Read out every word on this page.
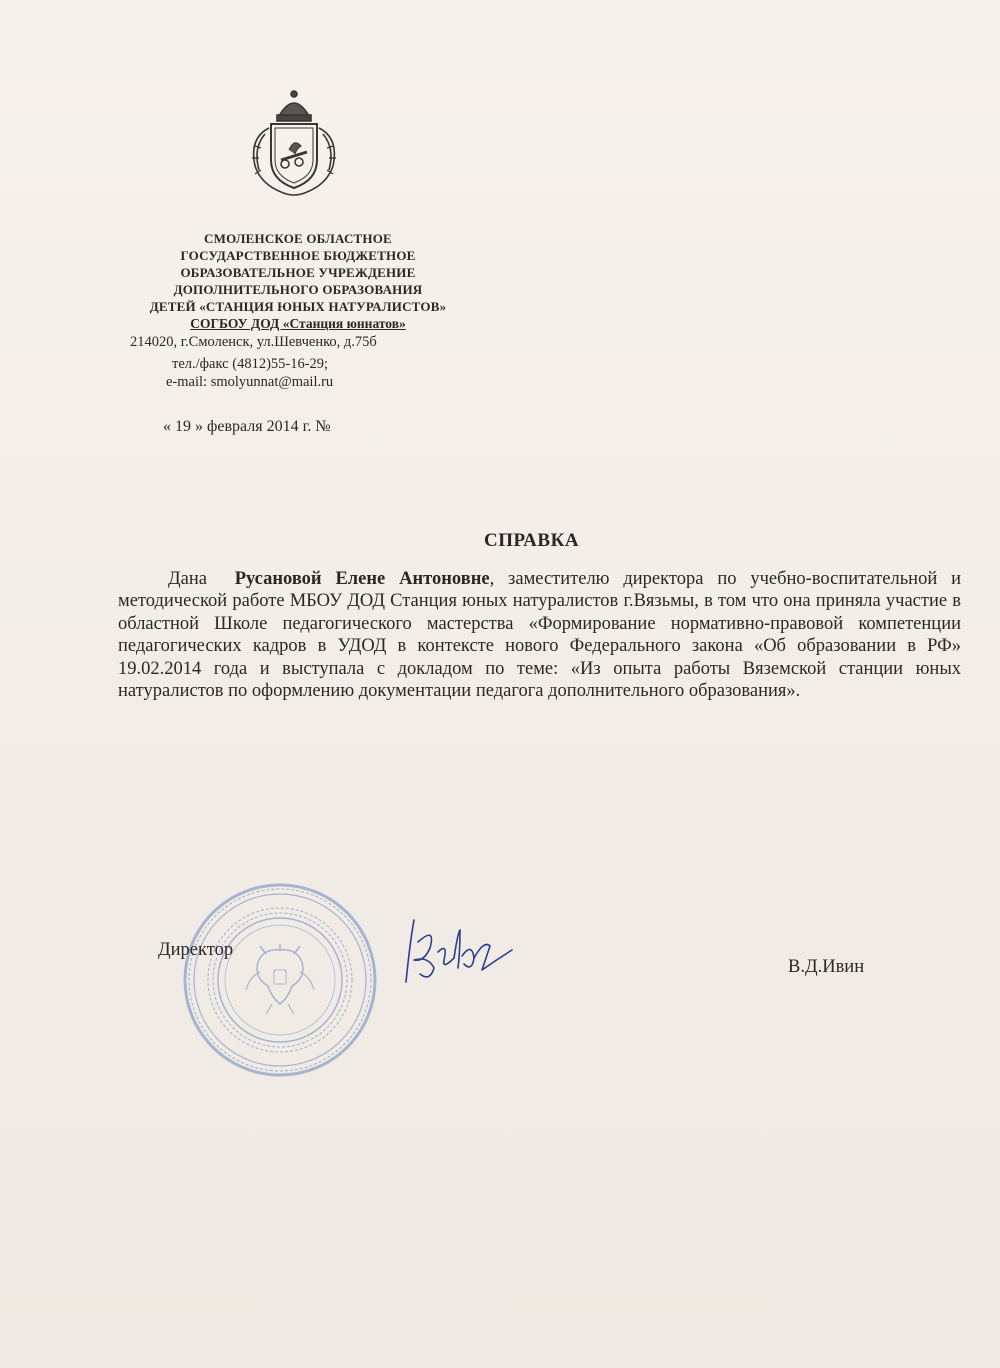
СМОЛЕНСКОЕ ОБЛАСТНОЕ
ГОСУДАРСТВЕННОЕ БЮДЖЕТНОЕ
ОБРАЗОВАТЕЛЬНОЕ УЧРЕЖДЕНИЕ
ДОПОЛНИТЕЛЬНОГО ОБРАЗОВАНИЯ
ДЕТЕЙ «СТАНЦИЯ ЮНЫХ НАТУРАЛИСТОВ»
СОГБОУ ДОД «Станция юннатов»
214020, г.Смоленск, ул.Шевченко, д.75б
тел./факс (4812)55-16-29;
e-mail: smolyunnat@mail.ru
« 19 » февраля 2014 г. №
СПРАВКА
Дана Русановой Елене Антоновне, заместителю директора по учебно-воспитательной и методической работе МБОУ ДОД Станция юных натуралистов г.Вязьмы, в том что она приняла участие в областной Школе педагогического мастерства «Формирование нормативно-правовой компетенции педагогических кадров в УДОД в контексте нового Федерального закона «Об образовании в РФ» 19.02.2014 года и выступала с докладом по теме: «Из опыта работы Вяземской станции юных натуралистов по оформлению документации педагога дополнительного образования».
Директор
В.Д.Ивин
